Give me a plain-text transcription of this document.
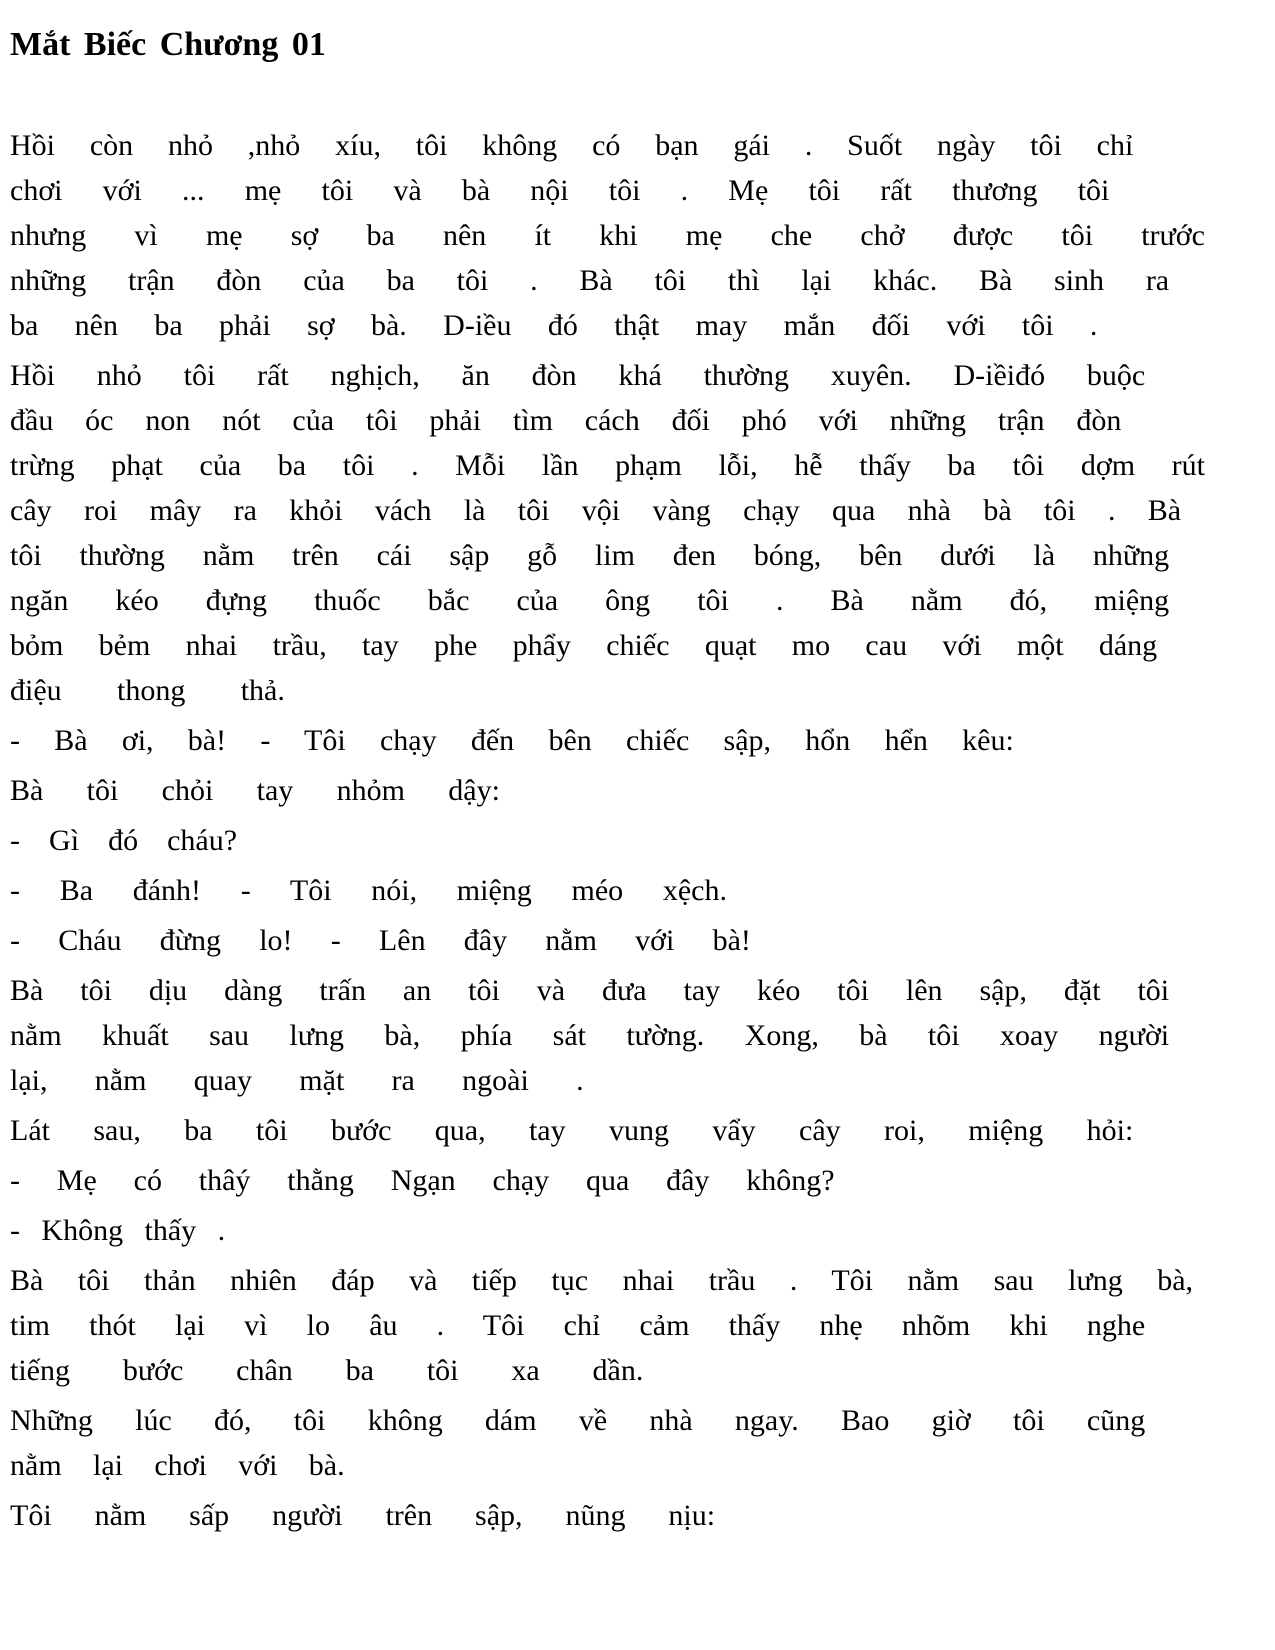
Mắt Biếc Chương 01
Hồi còn nhỏ ,nhỏ xíu, tôi không có bạn gái . Suốt ngày tôi chỉ
chơi với ... mẹ tôi và bà nội tôi . Mẹ tôi rất thương tôi
nhưng vì mẹ sợ ba nên ít khi mẹ che chở được tôi trước
những trận đòn của ba tôi . Bà tôi thì lại khác. Bà sinh ra
ba nên ba phải sợ bà. D-iều đó thật may mắn đối với tôi .
Hồi nhỏ tôi rất nghịch, ăn đòn khá thường xuyên. D-iềiđó buộc
đầu óc non nót của tôi phải tìm cách đối phó với những trận đòn
trừng phạt của ba tôi . Mỗi lần phạm lỗi, hễ thấy ba tôi dợm rút
cây roi mây ra khỏi vách là tôi vội vàng chạy qua nhà bà tôi . Bà
tôi thường nằm trên cái sập gỗ lim đen bóng, bên dưới là những
ngăn kéo đựng thuốc bắc của ông tôi . Bà nằm đó, miệng
bỏm bẻm nhai trầu, tay phe phẩy chiếc quạt mo cau với một dáng
điệu thong thả.
- Bà ơi, bà! - Tôi chạy đến bên chiếc sập, hổn hển kêu:
Bà tôi chỏi tay nhỏm dậy:
- Gì đó cháu?
- Ba đánh! - Tôi nói, miệng méo xệch.
- Cháu đừng lo! - Lên đây nằm với bà!
Bà tôi dịu dàng trấn an tôi và đưa tay kéo tôi lên sập, đặt tôi
nằm khuất sau lưng bà, phía sát tường. Xong, bà tôi xoay người
lại, nằm quay mặt ra ngoài .
Lát sau, ba tôi bước qua, tay vung vẩy cây roi, miệng hỏi:
- Mẹ có thâý thằng Ngạn chạy qua đây không?
- Không thấy .
Bà tôi thản nhiên đáp và tiếp tục nhai trầu . Tôi nằm sau lưng bà,
tim thót lại vì lo âu . Tôi chỉ cảm thấy nhẹ nhõm khi nghe
tiếng bước chân ba tôi xa dần.
Những lúc đó, tôi không dám về nhà ngay. Bao giờ tôi cũng
nằm lại chơi với bà.
Tôi nằm sấp người trên sập, nũng nịu:
